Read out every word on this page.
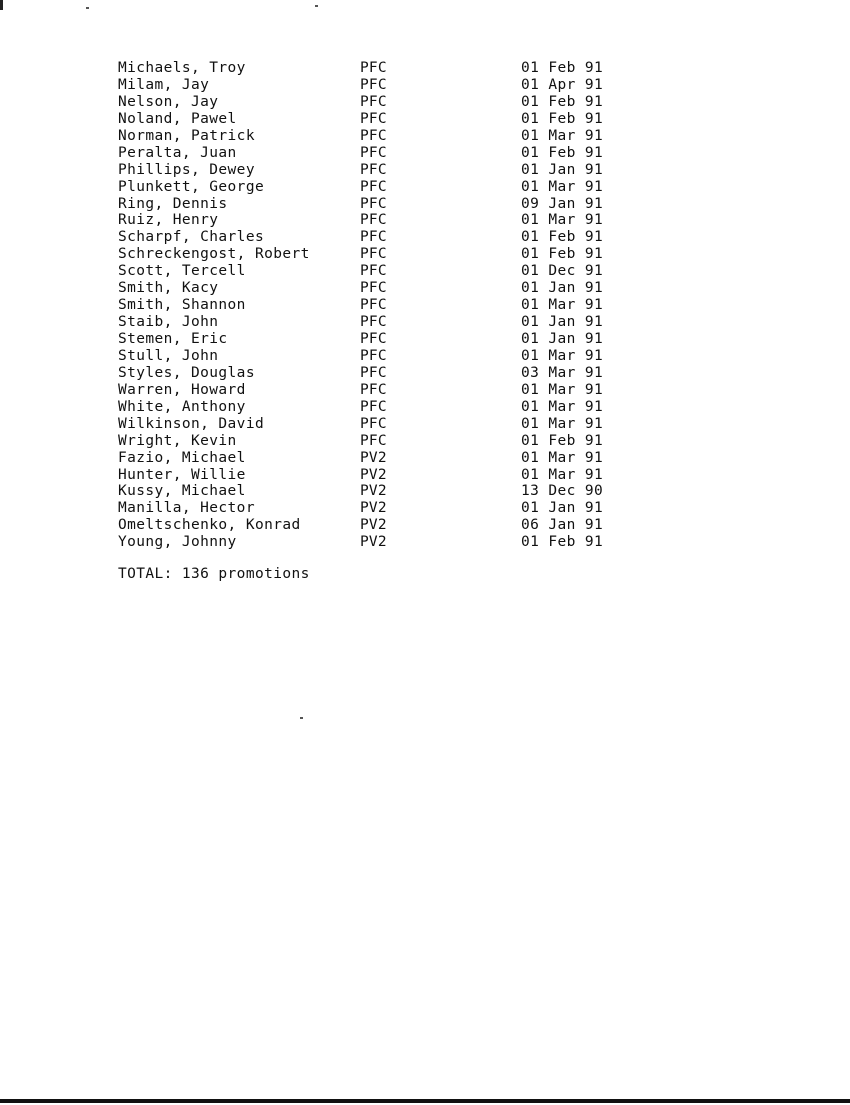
Michaels, Troy	PFC	01 Feb 91
Milam, Jay	PFC	01 Apr 91
Nelson, Jay	PFC	01 Feb 91
Noland, Pawel	PFC	01 Feb 91
Norman, Patrick	PFC	01 Mar 91
Peralta, Juan	PFC	01 Feb 91
Phillips, Dewey	PFC	01 Jan 91
Plunkett, George	PFC	01 Mar 91
Ring, Dennis	PFC	09 Jan 91
Ruiz, Henry	PFC	01 Mar 91
Scharpf, Charles	PFC	01 Feb 91
Schreckengost, Robert	PFC	01 Feb 91
Scott, Tercell	PFC	01 Dec 91
Smith, Kacy	PFC	01 Jan 91
Smith, Shannon	PFC	01 Mar 91
Staib, John	PFC	01 Jan 91
Stemen, Eric	PFC	01 Jan 91
Stull, John	PFC	01 Mar 91
Styles, Douglas	PFC	03 Mar 91
Warren, Howard	PFC	01 Mar 91
White, Anthony	PFC	01 Mar 91
Wilkinson, David	PFC	01 Mar 91
Wright, Kevin	PFC	01 Feb 91
Fazio, Michael	PV2	01 Mar 91
Hunter, Willie	PV2	01 Mar 91
Kussy, Michael	PV2	13 Dec 90
Manilla, Hector	PV2	01 Jan 91
Omeltschenko, Konrad	PV2	06 Jan 91
Young, Johnny	PV2	01 Feb 91
TOTAL: 136 promotions
